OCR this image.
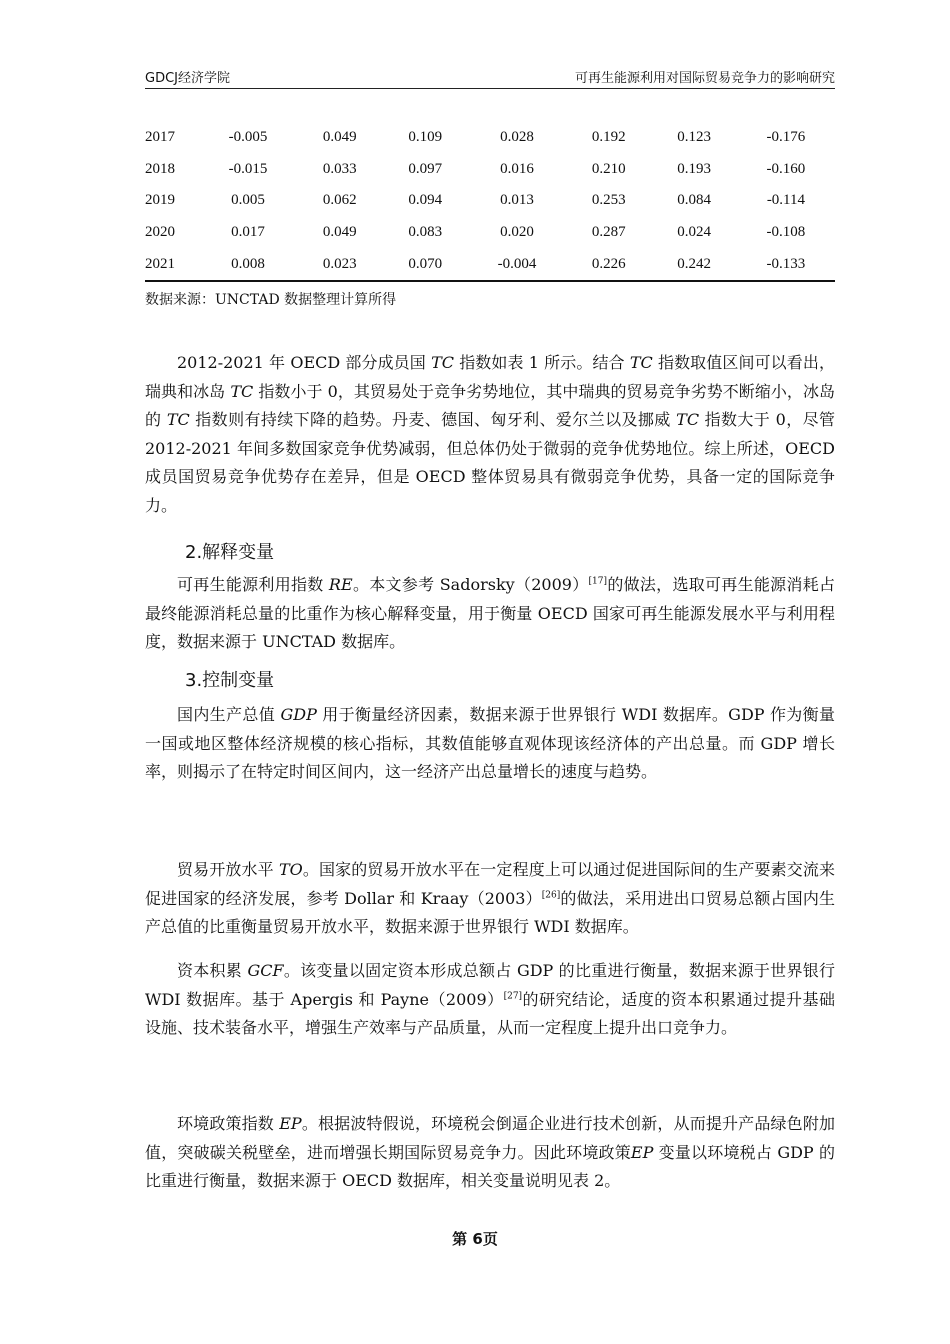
GDCJ经济学院	可再生能源利用对国际贸易竞争力的影响研究
2017	-0.005	0.049	0.109	0.028	0.192	0.123	-0.176
2018	-0.015	0.033	0.097	0.016	0.210	0.193	-0.160
2019	0.005	0.062	0.094	0.013	0.253	0.084	-0.114
2020	0.017	0.049	0.083	0.020	0.287	0.024	-0.108
2021	0.008	0.023	0.070	-0.004	0.226	0.242	-0.133
数据来源：UNCTAD 数据整理计算所得

2012-2021 年 OECD 部分成员国 TC 指数如表 1 所示。结合 TC 指数取值区间可以看出，瑞典和冰岛 TC 指数小于 0，其贸易处于竞争劣势地位，其中瑞典的贸易竞争劣势不断缩小，冰岛的 TC 指数则有持续下降的趋势。丹麦、德国、匈牙利、爱尔兰以及挪威 TC 指数大于 0，尽管 2012-2021 年间多数国家竞争优势减弱，但总体仍处于微弱的竞争优势地位。综上所述，OECD 成员国贸易竞争优势存在差异，但是 OECD 整体贸易具有微弱竞争优势，具备一定的国际竞争力。

2.解释变量

可再生能源利用指数 RE。本文参考 Sadorsky（2009）[17]的做法，选取可再生能源消耗占最终能源消耗总量的比重作为核心解释变量，用于衡量 OECD 国家可再生能源发展水平与利用程度，数据来源于 UNCTAD 数据库。

3.控制变量

国内生产总值 GDP 用于衡量经济因素，数据来源于世界银行 WDI 数据库。GDP 作为衡量一国或地区整体经济规模的核心指标，其数值能够直观体现该经济体的产出总量。而 GDP 增长率，则揭示了在特定时间区间内，这一经济产出总量增长的速度与趋势。

贸易开放水平 TO。国家的贸易开放水平在一定程度上可以通过促进国际间的生产要素交流来促进国家的经济发展，参考 Dollar 和 Kraay（2003）[26]的做法，采用进出口贸易总额占国内生产总值的比重衡量贸易开放水平，数据来源于世界银行 WDI 数据库。

资本积累 GCF。该变量以固定资本形成总额占 GDP 的比重进行衡量，数据来源于世界银行 WDI 数据库。基于 Apergis 和 Payne（2009）[27]的研究结论，适度的资本积累通过提升基础设施、技术装备水平，增强生产效率与产品质量，从而一定程度上提升出口竞争力。

环境政策指数 EP。根据波特假说，环境税会倒逼企业进行技术创新，从而提升产品绿色附加值，突破碳关税壁垒，进而增强长期国际贸易竞争力。因此环境政策EP 变量以环境税占 GDP 的比重进行衡量，数据来源于 OECD 数据库，相关变量说明见表 2。

第 6页
